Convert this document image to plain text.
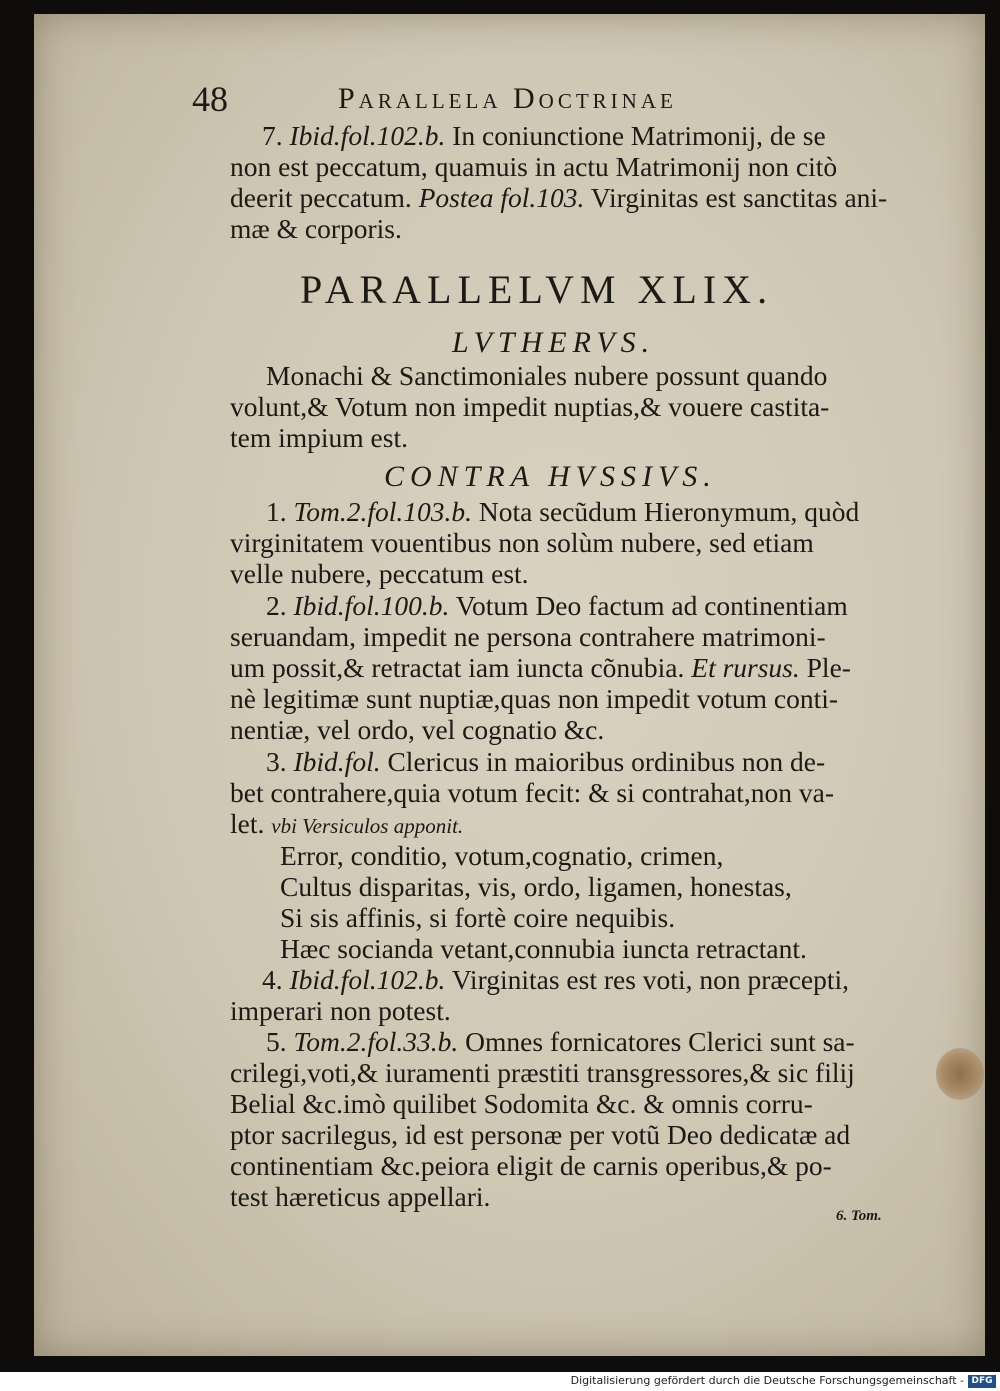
48	Parallela Doctrinae
7. Ibid.fol.102.b. In coniunctione Matrimonij, de se
non est peccatum, quamuis in actu Matrimonij non citò
deerit peccatum. Postea fol.103. Virginitas est sanctitas ani-
mæ & corporis.
PARALLELVM XLIX.
LVTHERVS.
Monachi & Sanctimoniales nubere possunt quando
volunt,& Votum non impedit nuptias,& vouere castita-
tem impium est.
CONTRA HVSSIVS.
1. Tom.2.fol.103.b. Nota secũdum Hieronymum, quòd
virginitatem vouentibus non solùm nubere, sed etiam
velle nubere, peccatum est.
2. Ibid.fol.100.b. Votum Deo factum ad continentiam
seruandam, impedit ne persona contrahere matrimoni-
um possit,& retractat iam iuncta cõnubia. Et rursus. Ple-
nè legitimæ sunt nuptiæ,quas non impedit votum conti-
nentiæ, vel ordo, vel cognatio &c.
3. Ibid.fol. Clericus in maioribus ordinibus non de-
bet contrahere,quia votum fecit: & si contrahat,non va-
let. vbi Versiculos apponit.
Error, conditio, votum,cognatio, crimen,
Cultus disparitas, vis, ordo, ligamen, honestas,
Si sis affinis, si fortè coire nequibis.
Hæc socianda vetant,connubia iuncta retractant.
4. Ibid.fol.102.b. Virginitas est res voti, non præcepti,
imperari non potest.
5. Tom.2.fol.33.b. Omnes fornicatores Clerici sunt sa-
crilegi,voti,& iuramenti præstiti transgressores,& sic filij
Belial &c.imò quilibet Sodomita &c. & omnis corru-
ptor sacrilegus, id est personæ per votũ Deo dedicatæ ad
continentiam &c.peiora eligit de carnis operibus,& po-
test hæreticus appellari.
6. Tom.
Digitalisierung gefördert durch die Deutsche Forschungsgemeinschaft - DFG
